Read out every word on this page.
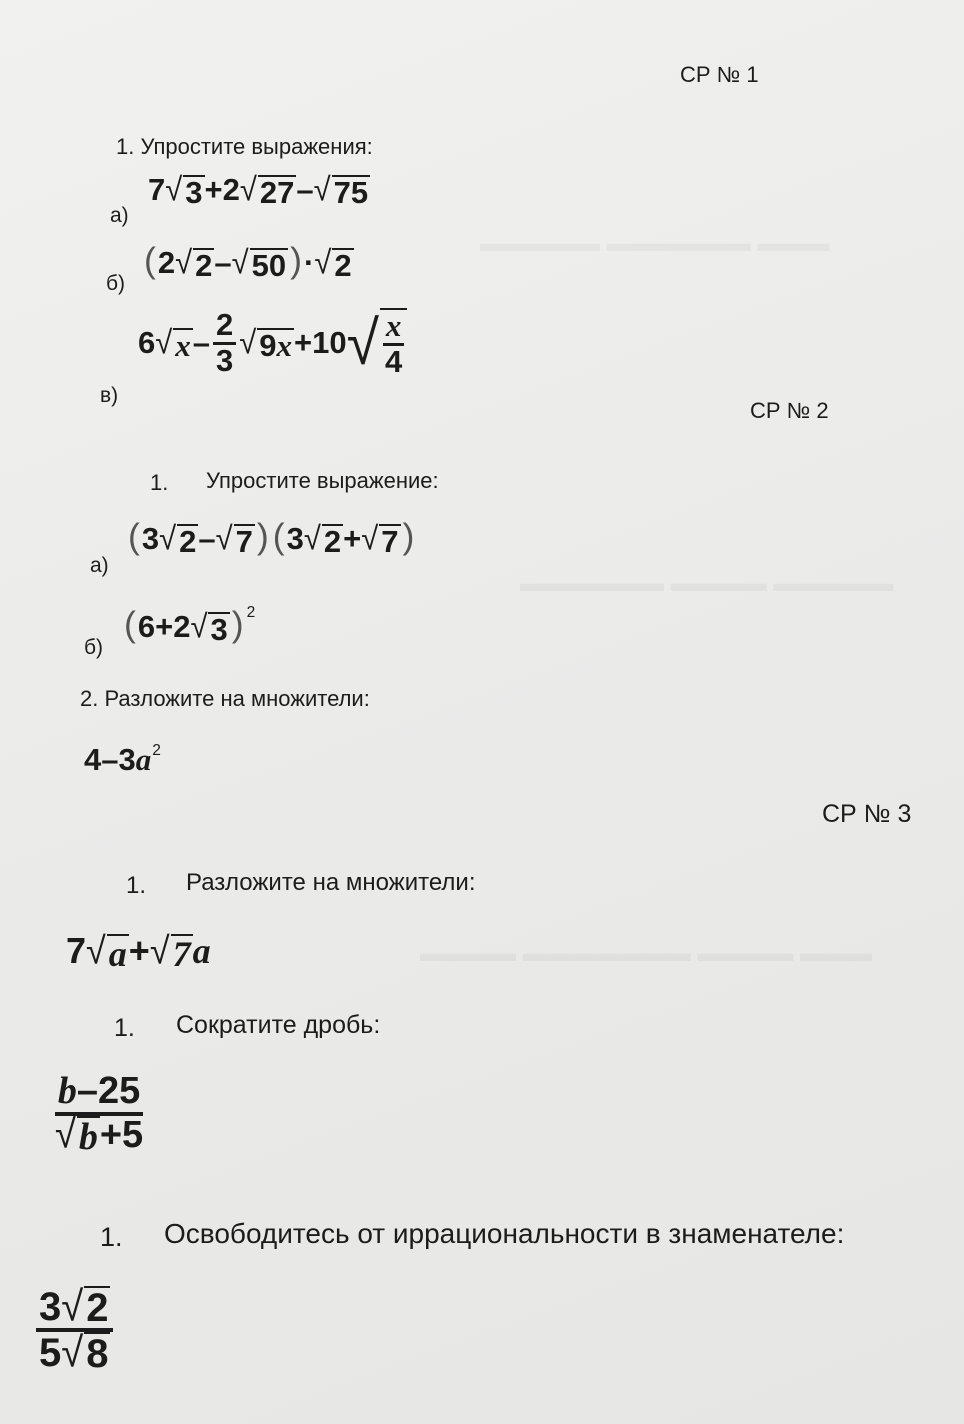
▬▬▬▬▬ ▬▬▬▬▬▬ ▬▬▬
▬▬▬▬▬▬ ▬▬▬▬ ▬▬▬▬▬
▬▬▬▬ ▬▬▬▬▬▬▬ ▬▬▬▬ ▬▬▬
СР № 1
1. Упростите выражения:
а)
7 √ 3 +2 √ 27 – √ 75
б)
( 2 √ 2 – √ 50 ) · √ 2
в)
6 √ x – $\frac{2}{3}$ √ 9x +10 √ $\frac{x}{4}$
СР № 2
1. Упростите выражение:
а)
( 3 √ 2 – √ 7 ) ( 3 √ 2 + √ 7 )
б)
( 6+2 √ 3 )$^2$
2. Разложите на множители:
4–3 $a^2$
СР № 3
1. Разложите на множители:
7 √ a + √ 7 a
1. Сократите дробь:
$\frac{b-25}{√ b +5}$
1. Освободитесь от иррациональности в знаменателе:
$\frac{3 √ 2}{5 √ 8}$
